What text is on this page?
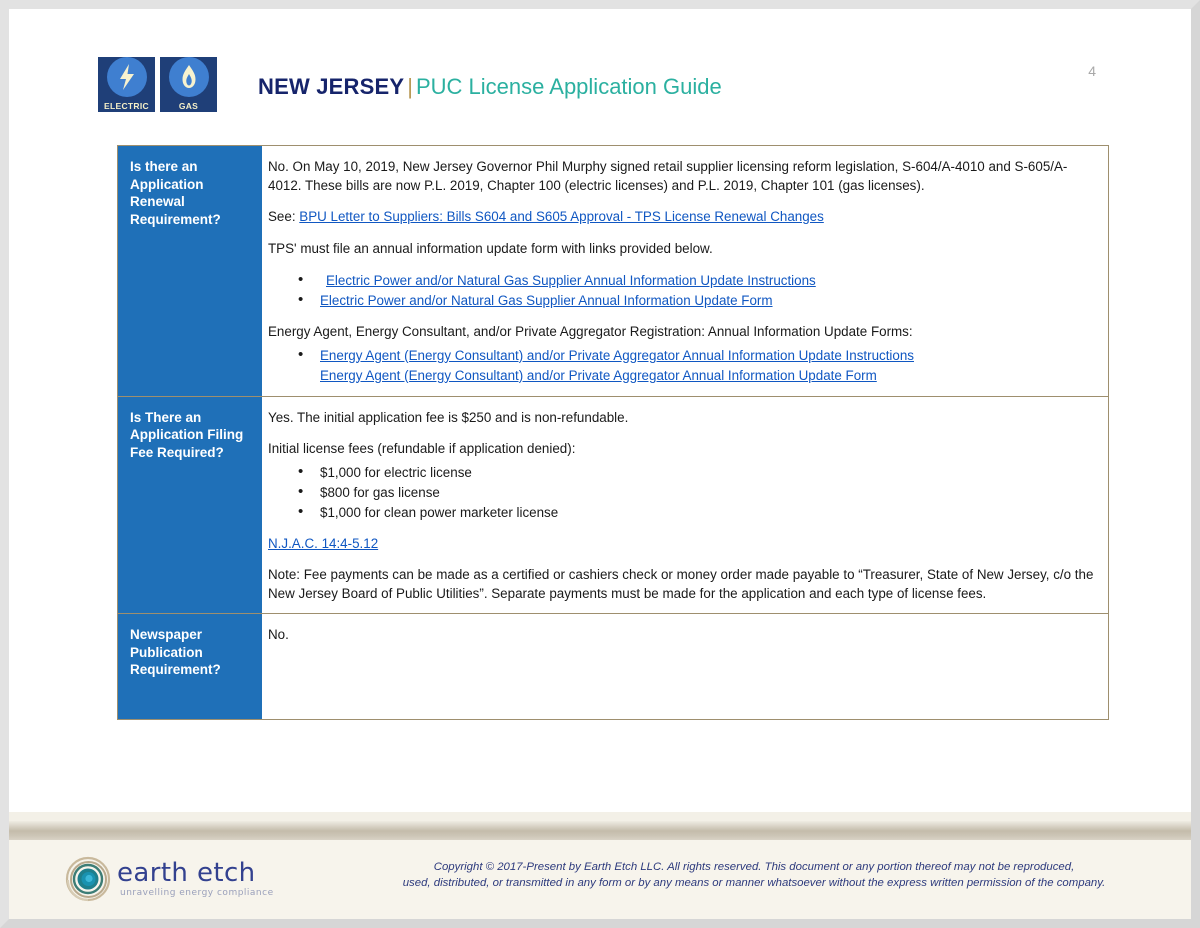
ELECTRIC	GAS
NEW JERSEY | PUC License Application Guide
4
Is there an Application Renewal Requirement?

No. On May 10, 2019, New Jersey Governor Phil Murphy signed retail supplier licensing reform legislation, S-604/A-4010 and S-605/A-4012. These bills are now P.L. 2019, Chapter 100 (electric licenses) and P.L. 2019, Chapter 101 (gas licenses).

See: BPU Letter to Suppliers: Bills S604 and S605 Approval - TPS License Renewal Changes

TPS' must file an annual information update form with links provided below.

• Electric Power and/or Natural Gas Supplier Annual Information Update Instructions
• Electric Power and/or Natural Gas Supplier Annual Information Update Form

Energy Agent, Energy Consultant, and/or Private Aggregator Registration: Annual Information Update Forms:

• Energy Agent (Energy Consultant) and/or Private Aggregator Annual Information Update Instructions
Energy Agent (Energy Consultant) and/or Private Aggregator Annual Information Update Form
Is There an Application Filing Fee Required?

Yes. The initial application fee is $250 and is non-refundable.

Initial license fees (refundable if application denied):

• $1,000 for electric license
• $800 for gas license
• $1,000 for clean power marketer license

N.J.A.C. 14:4-5.12

Note: Fee payments can be made as a certified or cashiers check or money order made payable to “Treasurer, State of New Jersey, c/o the New Jersey Board of Public Utilities”. Separate payments must be made for the application and each type of license fees.

Newspaper Publication Requirement?

No.

earth etch
unravelling energy compliance
Copyright © 2017-Present by Earth Etch LLC. All rights reserved. This document or any portion thereof may not be reproduced,
used, distributed, or transmitted in any form or by any means or manner whatsoever without the express written permission of the company.
